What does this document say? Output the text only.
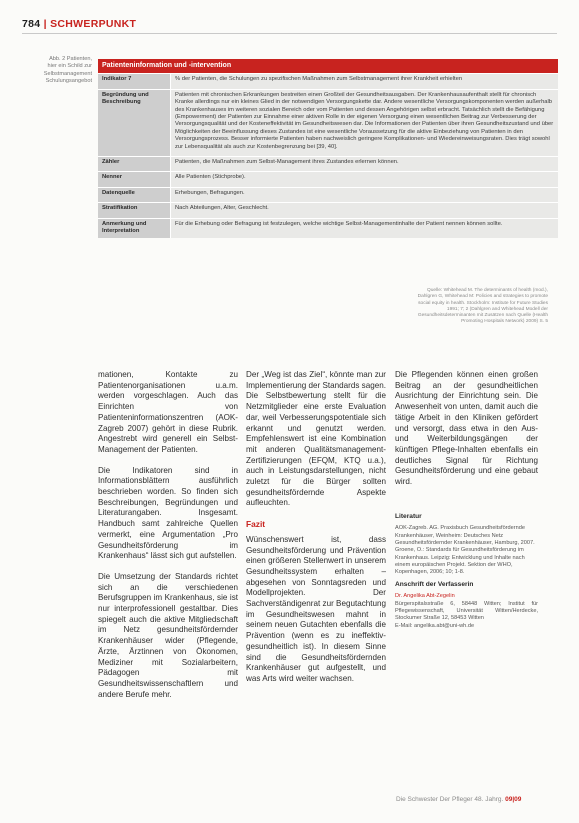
784 | SCHWERPUNKT
Abb. 2 Patienten, hier ein Schild zur Selbstmanagement Schulungsangebot
Patienteninformation und -intervention	
Indikator 7	% der Patienten, die Schulungen zu spezifischen Maßnahmen zum Selbstmanagement ihrer Krankheit erhielten
Begründung und Beschreibung	Patienten mit chronischen Erkrankungen bestreiten einen Großteil der Gesundheitsausgaben. Der Krankenhausaufenthalt stellt für chronisch Kranke allerdings nur ein kleines Glied in der notwendigen Versorgungskette dar. Andere wesentliche Versorgungskomponenten werden außerhalb des Krankenhauses im weiteren sozialen Bereich oder vom Patienten und dessen Angehörigen selbst erbracht. Tatsächlich stellt die Befähigung (Empowerment) der Patienten zur Einnahme einer aktiven Rolle in der eigenen Versorgung einen wesentlichen Beitrag zur Verbesserung der Versorgungsqualität und der Kosteneffektivität im Gesundheitswesen dar. Die Informationen der Patienten über ihren Gesundheitszustand und über Möglichkeiten der Beeinflussung dieses Zustandes ist eine wesentliche Voraussetzung für die aktive Einbeziehung von Patienten in den Versorgungsprozess. Besser informierte Patienten haben nachweislich geringere Komplikationen- und Wiedereinweisungsraten. Dies trägt sowohl zur Lebensqualität als auch zur Kostenbegrenzung bei [39, 40].
Zähler	Patienten, die Maßnahmen zum Selbst-Management ihres Zustandes erlernen können.
Nenner	Alle Patienten (Stichprobe).
Datenquelle	Erhebungen, Befragungen.
Stratifikation	Nach Abteilungen, Alter, Geschlecht.
Anmerkung und Interpretation	Für die Erhebung oder Befragung ist festzulegen, welche wichtige Selbst-Managementinhalte der Patient nennen können sollte.
Quelle: Whitehead M. The determinants of health (mod.), Dahlgren G, Whitehead M: Policies and strategies to promote social equity in health. Stockholm: Institute for Future Studies 1991; 7; 2 (Dahlgren and Whitehead Modell der Gesundheitsdeterminanten mit Zusätzen nach Quelle (Health Promoting Hospitals Network) 2009) S. 5

mationen, Kontakte zu Patientenorganisationen u.a.m. werden vorgeschlagen. Auch das Einrichten von Patienteninformationszentren (AOK-Zagreb 2007) gehört in diese Rubrik. Angestrebt wird generell ein Selbst-Management der Patienten.

Die Indikatoren sind in Informationsblättern ausführlich beschrieben worden. So finden sich Beschreibungen, Begründungen und Literaturangaben. Insgesamt. Handbuch samt zahlreiche Quellen vermerkt, eine Argumentation „Pro Gesundheitsförderung im Krankenhaus“ lässt sich gut aufstellen.

Die Umsetzung der Standards richtet sich an die verschiedenen Berufsgruppen im Krankenhaus, sie ist nur interprofessionell gestaltbar. Dies spiegelt auch die aktive Mitgliedschaft im Netz gesundheitsfördernder Krankenhäuser wider (Pflegende, Ärzte, Ärztinnen von Ökonomen, Mediziner mit Sozialarbeitern, Pädagogen mit Gesundheitswissenschaftlern und andere Berufe mehr.

Der „Weg ist das Ziel“, könnte man zur Implementierung der Standards sagen. Die Selbstbewertung stellt für die Netzmitglieder eine erste Evaluation dar, weil Verbesserungspotentiale sich erkannt und genutzt werden. Empfehlenswert ist eine Kombination mit anderen Qualitätsmanagement-Zertifizierungen (EFQM, KTQ u.a.), auch in Leistungsdarstellungen, nicht zuletzt für die Bürger sollten gesundheitsfördernde Aspekte aufleuchten.

Fazit

Wünschenswert ist, dass Gesundheitsförderung und Prävention einen größeren Stellenwert in unserem Gesundheitssystem erhalten – abgesehen von Sonntagsreden und Modellprojekten. Der Sachverständigenrat zur Begutachtung im Gesundheitswesen mahnt in seinem neuen Gutachten ebenfalls die Prävention (wenn es zu ineffektiv-gesundheitlich ist). In diesem Sinne sind die Gesundheitsfördernden Krankenhäuser gut aufgestellt, und was Arts wird weiter wachsen.

Die Pflegenden können einen großen Beitrag an der gesundheitlichen Ausrichtung der Einrichtung sein. Die Anwesenheit von unten, damit auch die tätige Arbeit in den Kliniken gefördert und versorgt, dass etwa in den Aus- und Weiterbildungsgängen der künftigen Pflege-Inhalten ebenfalls ein deutliches Signal für Richtung Gesundheitsförderung und eine gebaut wird.

Literatur
AOK-Zagreb. AG. Praxisbuch Gesundheitsfördernde Krankenhäuser, Weinheim: Deutsches Netz Gesundheitsfördernder Krankenhäuser, Hamburg, 2007. Groene, O.: Standards für Gesundheitsförderung im Krankenhaus. Leipzig: Entwicklung und Inhalte nach einem europäischen Projekt. Sektion der WHO, Kopenhagen, 2006; 10; 1-8.
Anschrift der Verfasserin
Dr. Angelika Abt-Zegelin
Bürgerspitalsstraße 6, 58448 Witten; Institut für Pflegewissenschaft, Universität Witten/Herdecke, Stockumer Straße 12, 58453 Witten
E-Mail: angelika.abt@uni-wh.de
Die Schwester Der Pfleger 48. Jahrg. 09|09
